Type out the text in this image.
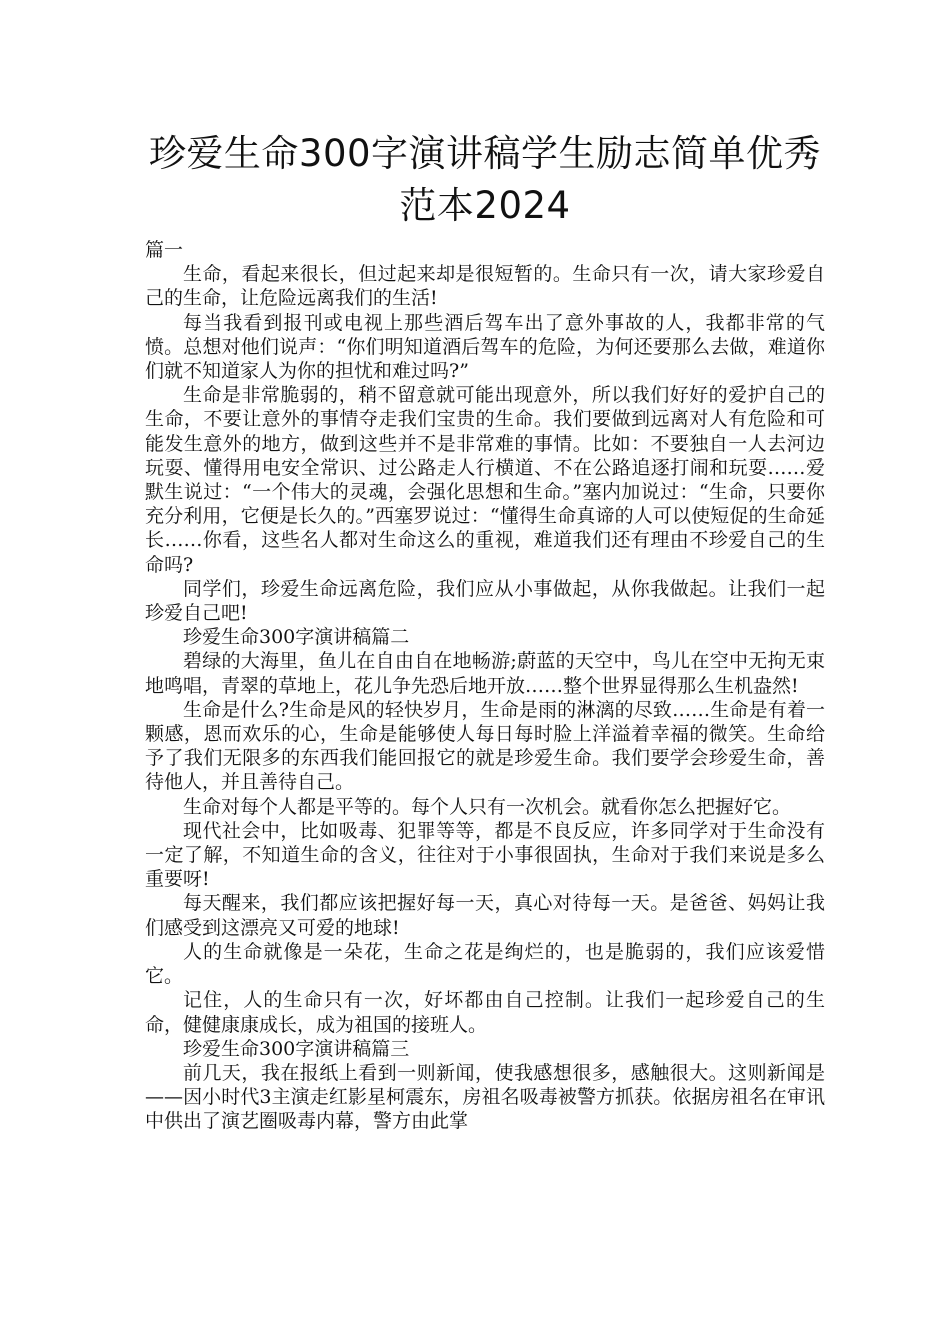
珍爱生命300字演讲稿学生励志简单优秀范本2024

篇一

生命，看起来很长，但过起来却是很短暂的。生命只有一次，请大家珍爱自己的生命，让危险远离我们的生活!

每当我看到报刊或电视上那些酒后驾车出了意外事故的人，我都非常的气愤。总想对他们说声：“你们明知道酒后驾车的危险，为何还要那么去做，难道你们就不知道家人为你的担忧和难过吗?”

生命是非常脆弱的，稍不留意就可能出现意外，所以我们好好的爱护自己的生命，不要让意外的事情夺走我们宝贵的生命。我们要做到远离对人有危险和可能发生意外的地方，做到这些并不是非常难的事情。比如：不要独自一人去河边玩耍、懂得用电安全常识、过公路走人行横道、不在公路追逐打闹和玩耍……爱默生说过：“一个伟大的灵魂，会强化思想和生命。”塞内加说过：“生命，只要你充分利用，它便是长久的。”西塞罗说过：“懂得生命真谛的人可以使短促的生命延长……你看，这些名人都对生命这么的重视，难道我们还有理由不珍爱自己的生命吗?

同学们，珍爱生命远离危险，我们应从小事做起，从你我做起。让我们一起珍爱自己吧!

珍爱生命300字演讲稿篇二

碧绿的大海里，鱼儿在自由自在地畅游;蔚蓝的天空中，鸟儿在空中无拘无束地鸣唱，青翠的草地上，花儿争先恐后地开放……整个世界显得那么生机盎然!

生命是什么?生命是风的轻快岁月，生命是雨的淋漓的尽致……生命是有着一颗感，恩而欢乐的心，生命是能够使人每日每时脸上洋溢着幸福的微笑。生命给予了我们无限多的东西我们能回报它的就是珍爱生命。我们要学会珍爱生命，善待他人，并且善待自己。

生命对每个人都是平等的。每个人只有一次机会。就看你怎么把握好它。

现代社会中，比如吸毒、犯罪等等，都是不良反应，许多同学对于生命没有一定了解，不知道生命的含义，往往对于小事很固执，生命对于我们来说是多么重要呀!

每天醒来，我们都应该把握好每一天，真心对待每一天。是爸爸、妈妈让我们感受到这漂亮又可爱的地球!

人的生命就像是一朵花，生命之花是绚烂的，也是脆弱的，我们应该爱惜它。

记住，人的生命只有一次，好坏都由自己控制。让我们一起珍爱自己的生命，健健康康成长，成为祖国的接班人。

珍爱生命300字演讲稿篇三

前几天，我在报纸上看到一则新闻，使我感想很多，感触很大。这则新闻是——因小时代3主演走红影星柯震东，房祖名吸毒被警方抓获。依据房祖名在审讯中供出了演艺圈吸毒内幕，警方由此掌
